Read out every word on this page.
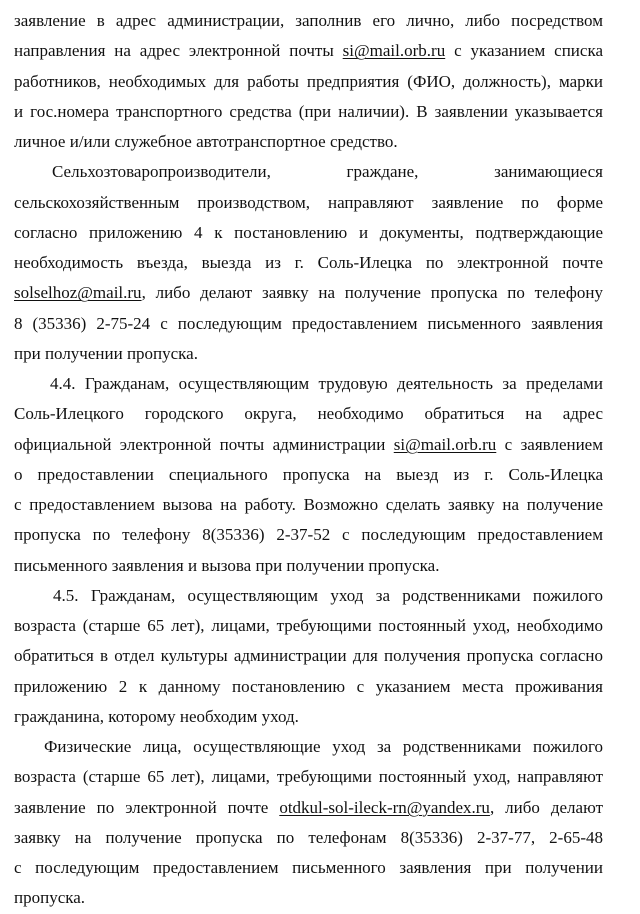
заявление в адрес администрации, заполнив его лично, либо посредством
направления на адрес электронной почты si@mail.orb.ru с указанием списка
работников, необходимых для работы предприятия (ФИО, должность), марки
и гос.номера транспортного средства (при наличии). В заявлении указывается
личное и/или служебное автотранспортное средство.
Сельхозтоваропроизводители, граждане, занимающиеся
сельскохозяйственным производством, направляют заявление по форме
согласно приложению 4 к постановлению и документы, подтверждающие
необходимость въезда, выезда из г. Соль-Илецка по электронной почте
solselhoz@mail.ru, либо делают заявку на получение пропуска по телефону
8 (35336) 2-75-24 с последующим предоставлением письменного заявления
при получении пропуска.
4.4. Гражданам, осуществляющим трудовую деятельность за пределами
Соль-Илецкого городского округа, необходимо обратиться на адрес
официальной электронной почты администрации si@mail.orb.ru с заявлением
о предоставлении специального пропуска на выезд из г. Соль-Илецка
с предоставлением вызова на работу. Возможно сделать заявку на получение
пропуска по телефону 8(35336) 2-37-52 с последующим предоставлением
письменного заявления и вызова при получении пропуска.
4.5. Гражданам, осуществляющим уход за родственниками пожилого
возраста (старше 65 лет), лицами, требующими постоянный уход, необходимо
обратиться в отдел культуры администрации для получения пропуска согласно
приложению 2 к данному постановлению с указанием места проживания
гражданина, которому необходим уход.
Физические лица, осуществляющие уход за родственниками пожилого
возраста (старше 65 лет), лицами, требующими постоянный уход, направляют
заявление по электронной почте otdkul-sol-ileck-rn@yandex.ru, либо делают
заявку на получение пропуска по телефонам 8(35336) 2-37-77, 2-65-48
с последующим предоставлением письменного заявления при получении
пропуска.
